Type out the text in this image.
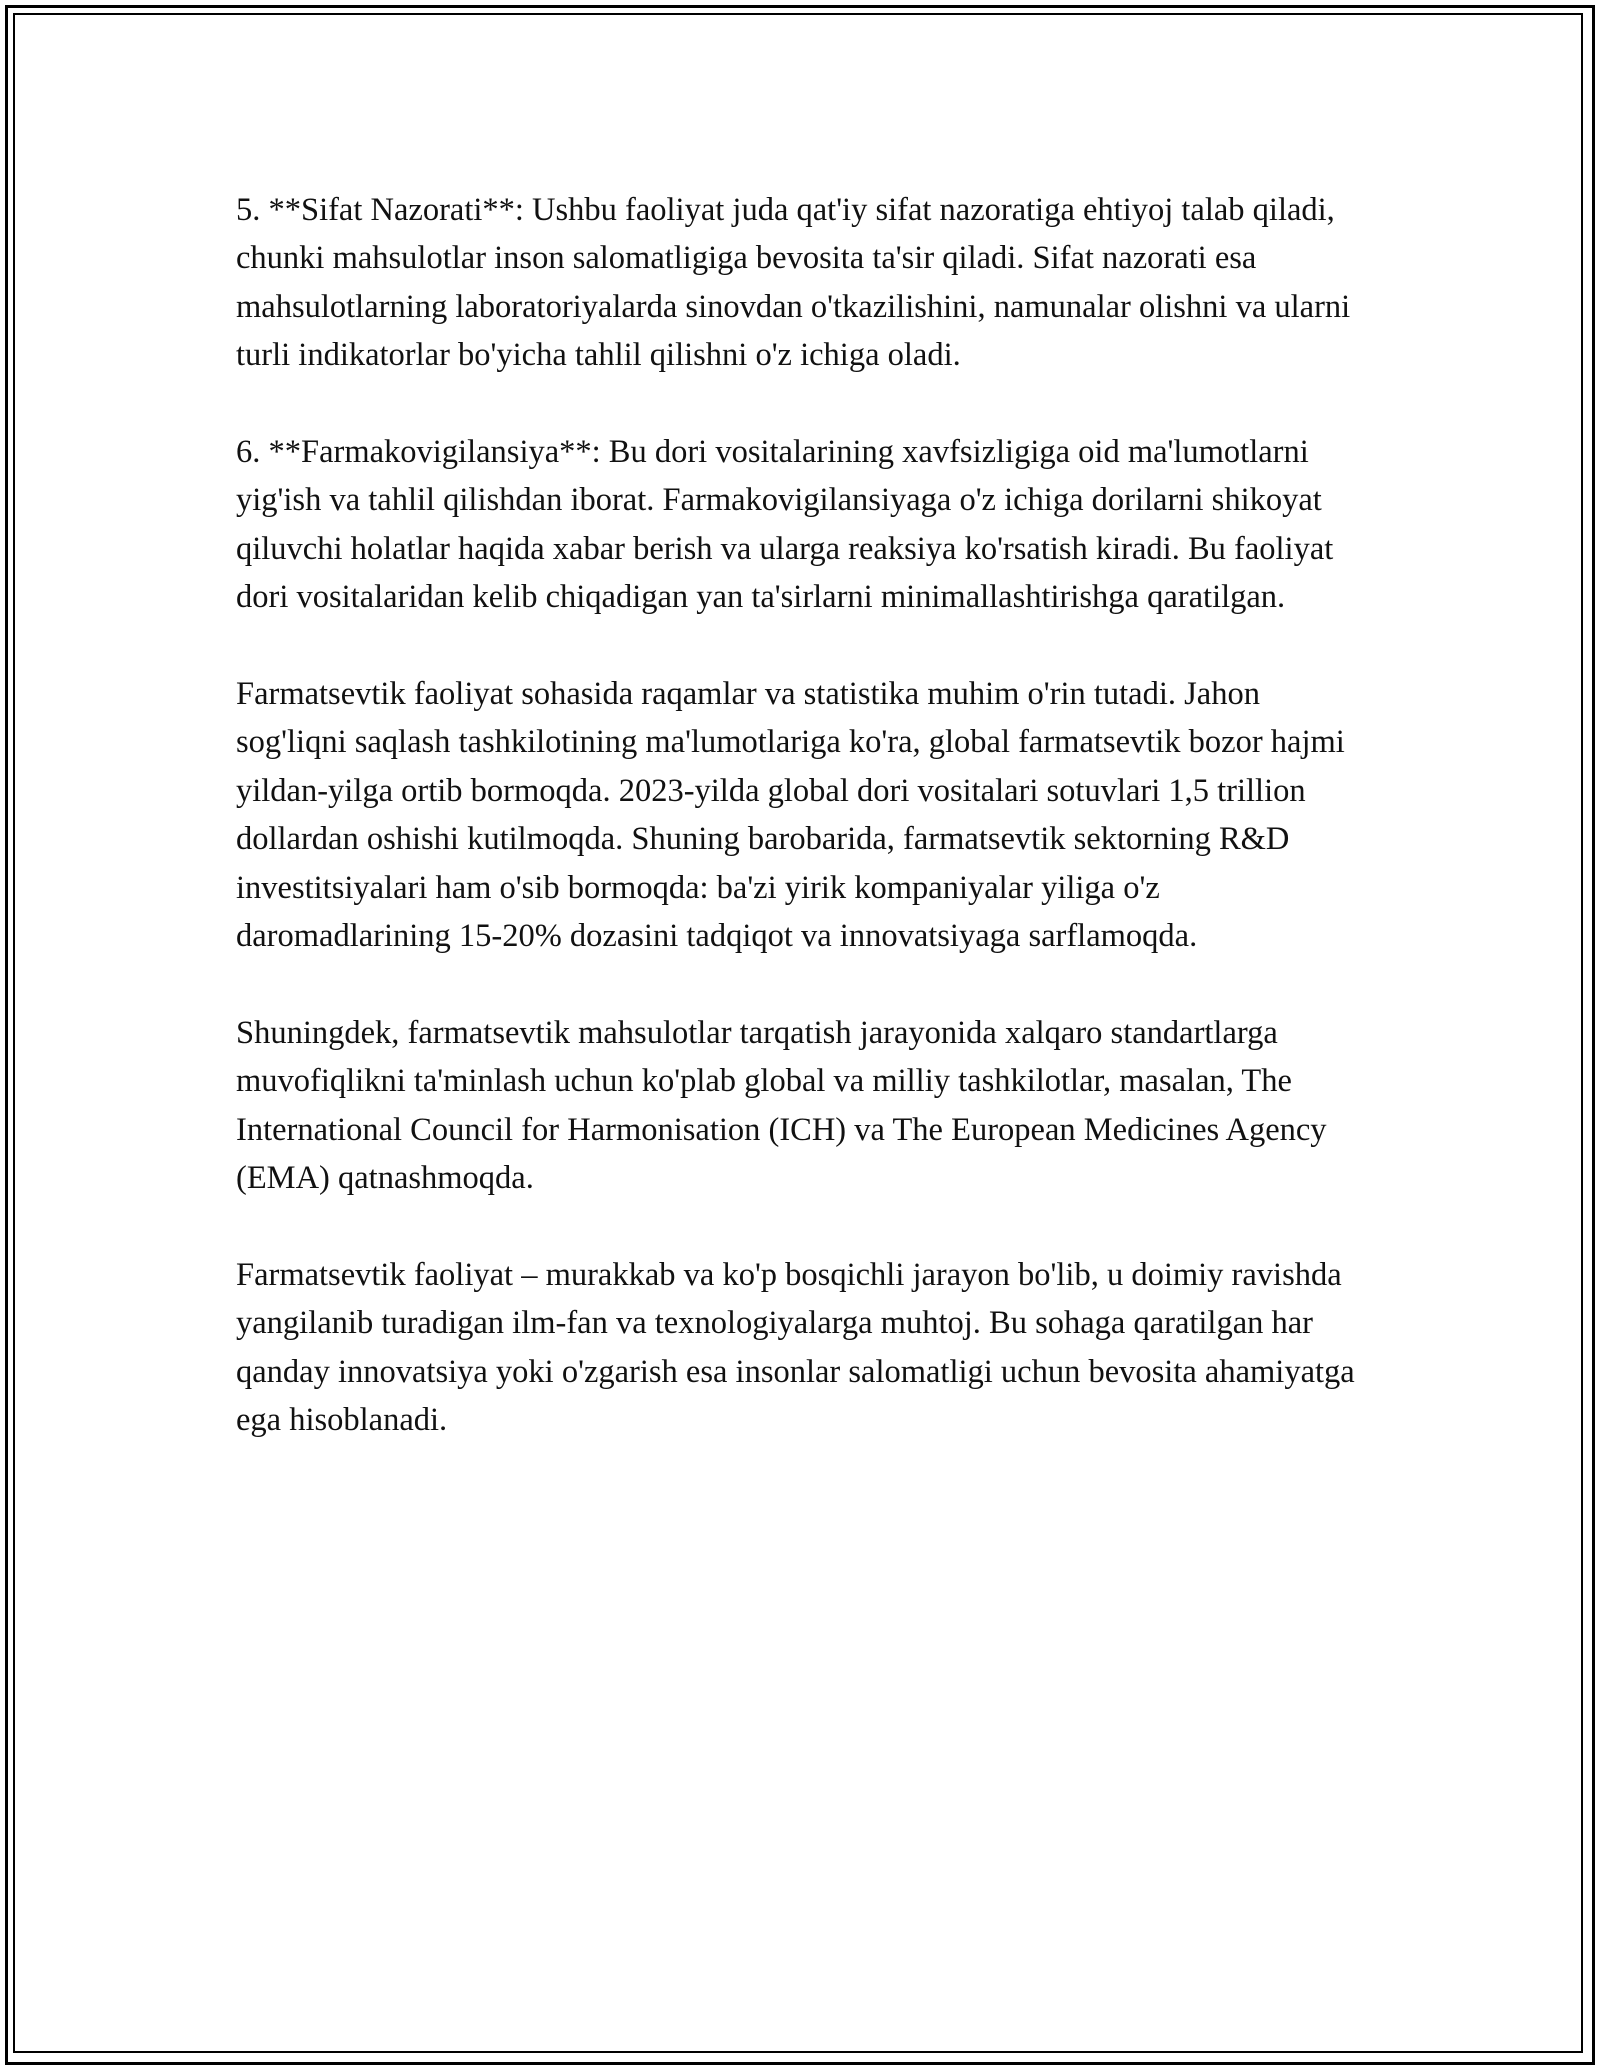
5. **Sifat Nazorati**: Ushbu faoliyat juda qat'iy sifat nazoratiga ehtiyoj talab qiladi, chunki mahsulotlar inson salomatligiga bevosita ta'sir qiladi. Sifat nazorati esa mahsulotlarning laboratoriyalarda sinovdan o'tkazilishini, namunalar olishni va ularni turli indikatorlar bo'yicha tahlil qilishni o'z ichiga oladi.

6. **Farmakovigilansiya**: Bu dori vositalarining xavfsizligiga oid ma'lumotlarni yig'ish va tahlil qilishdan iborat. Farmakovigilansiyaga o'z ichiga dorilarni shikoyat qiluvchi holatlar haqida xabar berish va ularga reaksiya ko'rsatish kiradi. Bu faoliyat dori vositalaridan kelib chiqadigan yan ta'sirlarni minimallashtirishga qaratilgan.

Farmatsevtik faoliyat sohasida raqamlar va statistika muhim o'rin tutadi. Jahon sog'liqni saqlash tashkilotining ma'lumotlariga ko'ra, global farmatsevtik bozor hajmi yildan-yilga ortib bormoqda. 2023-yilda global dori vositalari sotuvlari 1,5 trillion dollardan oshishi kutilmoqda. Shuning barobarida, farmatsevtik sektorning R&D investitsiyalari ham o'sib bormoqda: ba'zi yirik kompaniyalar yiliga o'z daromadlarining 15-20% dozasini tadqiqot va innovatsiyaga sarflamoqda.

Shuningdek, farmatsevtik mahsulotlar tarqatish jarayonida xalqaro standartlarga muvofiqlikni ta'minlash uchun ko'plab global va milliy tashkilotlar, masalan, The International Council for Harmonisation (ICH) va The European Medicines Agency (EMA) qatnashmoqda.

Farmatsevtik faoliyat – murakkab va ko'p bosqichli jarayon bo'lib, u doimiy ravishda yangilanib turadigan ilm-fan va texnologiyalarga muhtoj. Bu sohaga qaratilgan har qanday innovatsiya yoki o'zgarish esa insonlar salomatligi uchun bevosita ahamiyatga ega hisoblanadi.
